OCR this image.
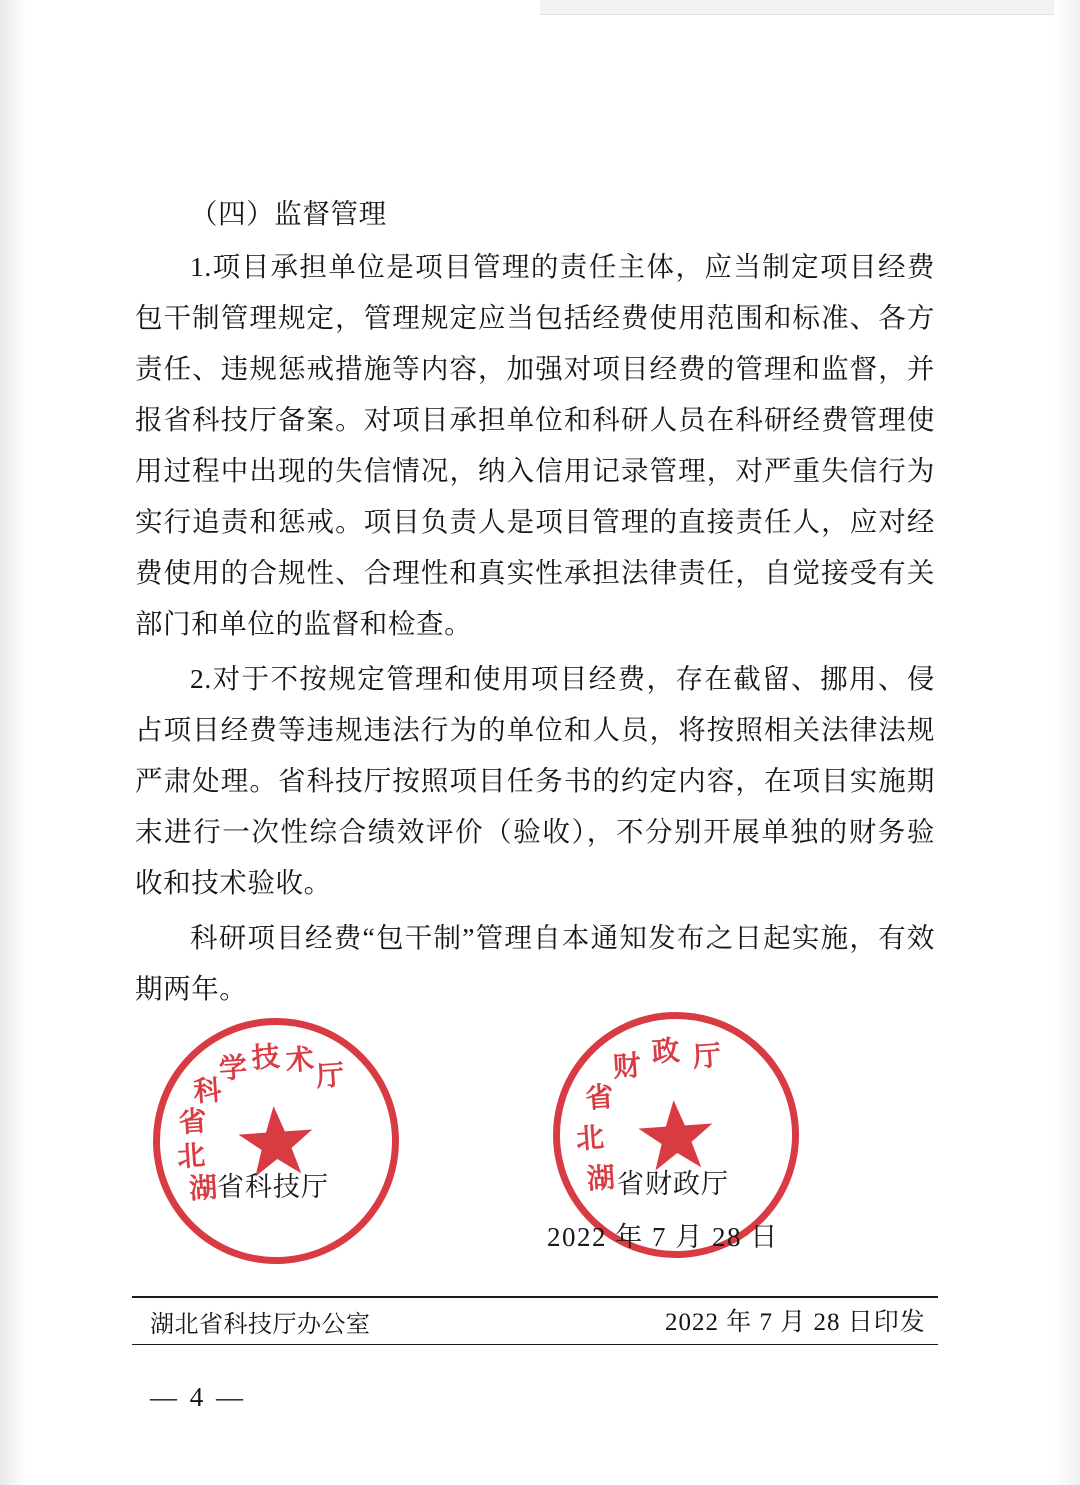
（四）监督管理

1.项目承担单位是项目管理的责任主体，应当制定项目经费包干制管理规定，管理规定应当包括经费使用范围和标准、各方责任、违规惩戒措施等内容，加强对项目经费的管理和监督，并报省科技厅备案。对项目承担单位和科研人员在科研经费管理使用过程中出现的失信情况，纳入信用记录管理，对严重失信行为实行追责和惩戒。项目负责人是项目管理的直接责任人，应对经费使用的合规性、合理性和真实性承担法律责任，自觉接受有关部门和单位的监督和检查。

2.对于不按规定管理和使用项目经费，存在截留、挪用、侵占项目经费等违规违法行为的单位和人员，将按照相关法律法规严肃处理。省科技厅按照项目任务书的约定内容，在项目实施期末进行一次性综合绩效评价（验收），不分别开展单独的财务验收和技术验收。

科研项目经费“包干制”管理自本通知发布之日起实施，有效期两年。

湖
北
省
科
学 技 术 厅
湖
北
省
财 政 厅
省科技厅	省财政厅
2022 年 7 月 28 日
湖北省科技厅办公室	2022 年 7 月 28 日印发
— 4 —
